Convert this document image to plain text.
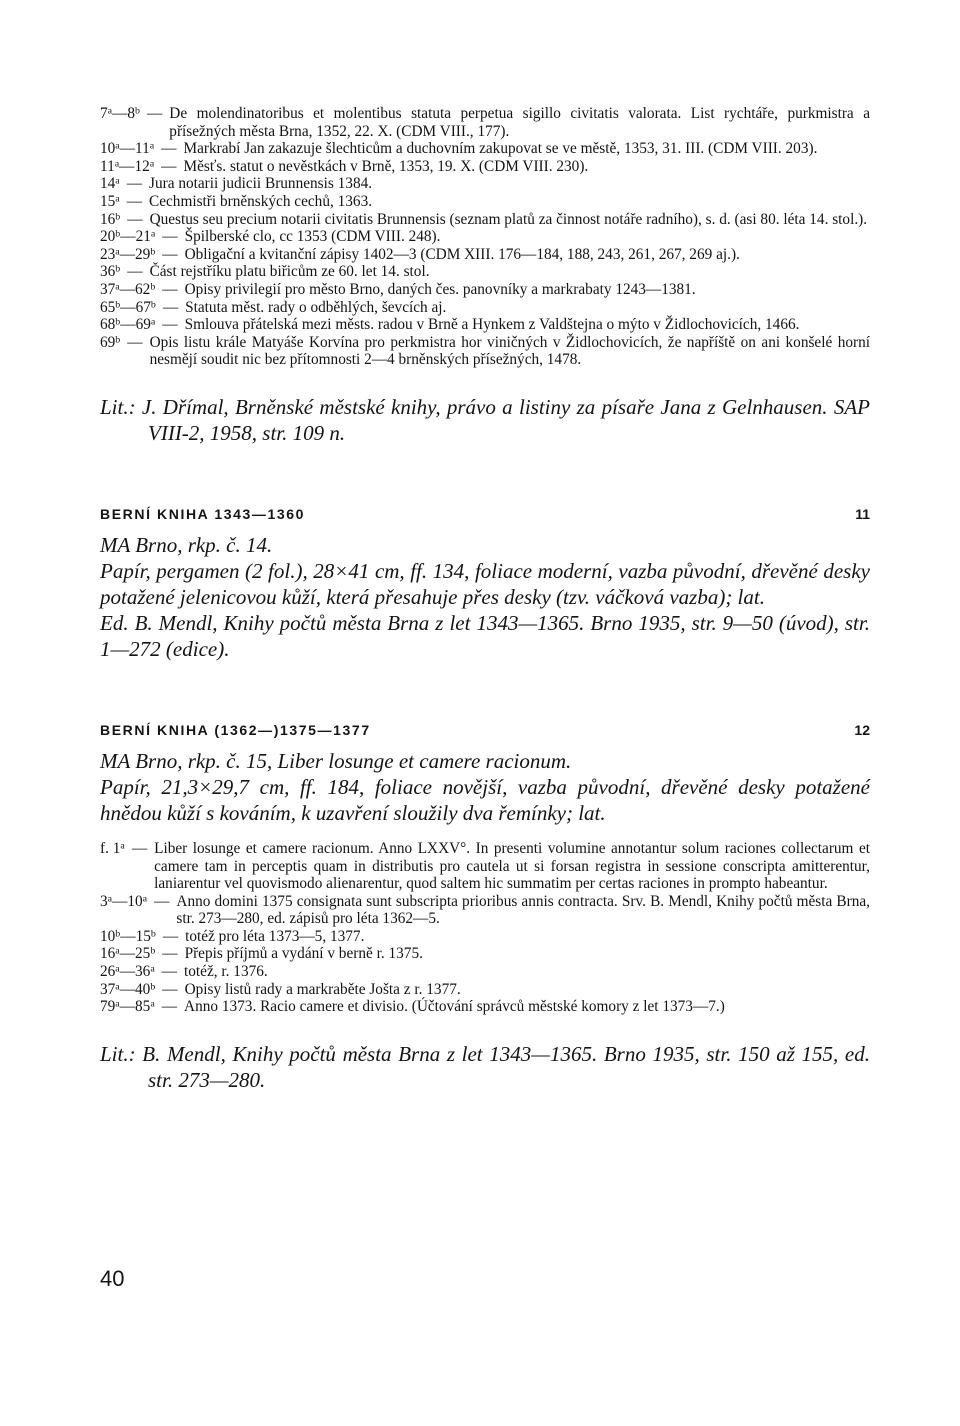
7$^a$—8$^b$ — De molendinatoribus et molentibus statuta perpetua sigillo civitatis valorata. List rychtáře, purkmistra a přísežných města Brna, 1352, 22. X. (CDM VIII., 177).
10$^a$—11$^a$ — Markrabí Jan zakazuje šlechticům a duchovním zakupovat se ve městě, 1353, 31. III. (CDM VIII. 203).
11$^a$—12$^a$ — Měsťs. statut o nevěstkách v Brně, 1353, 19. X. (CDM VIII. 230).
14$^a$ — Jura notarii judicii Brunnensis 1384.
15$^a$ — Cechmistři brněnských cechů, 1363.
16$^b$ — Questus seu precium notarii civitatis Brunnensis (seznam platů za činnost notáře radního), s. d. (asi 80. léta 14. stol.).
20$^b$—21$^a$ — Špilberské clo, cc 1353 (CDM VIII. 248).
23$^a$—29$^b$ — Obligační a kvitanční zápisy 1402—3 (CDM XIII. 176—184, 188, 243, 261, 267, 269 aj.).
36$^b$ — Část rejstříku platu biřicům ze 60. let 14. stol.
37$^a$—62$^b$ — Opisy privilegií pro město Brno, daných čes. panovníky a markrabaty 1243—1381.
65$^b$—67$^b$ — Statuta měst. rady o odběhlých, ševcích aj.
68$^b$—69$^a$ — Smlouva přátelská mezi městs. radou v Brně a Hynkem z Valdštejna o mýto v Židlochovicích, 1466.
69$^b$ — Opis listu krále Matyáše Korvína pro perkmistra hor viničných v Židlochovicích, že napříště on ani konšelé horní nesmějí soudit nic bez přítomnosti 2—4 brněnských přísežných, 1478.
Lit.: J. Dřímal, Brněnské městské knihy, právo a listiny za písaře Jana z Gelnhausen. SAP VIII-2, 1958, str. 109 n.
BERNÍ KNIHA 1343—1360	11

MA Brno, rkp. č. 14.

Papír, pergamen (2 fol.), 28×41 cm, ff. 134, foliace moderní, vazba původní, dřevěné desky potažené jelenicovou kůží, která přesahuje přes desky (tzv. váčková vazba); lat.

Ed. B. Mendl, Knihy počtů města Brna z let 1343—1365. Brno 1935, str. 9—50 (úvod), str. 1—272 (edice).

BERNÍ KNIHA (1362—)1375—1377	12

MA Brno, rkp. č. 15, Liber losunge et camere racionum.

Papír, 21,3×29,7 cm, ff. 184, foliace novější, vazba původní, dřevěné desky potažené hnědou kůží s kováním, k uzavření sloužily dva řemínky; lat.

f. 1$^a$ — Liber losunge et camere racionum. Anno LXXV°. In presenti volumine annotantur solum raciones collectarum et camere tam in perceptis quam in distributis pro cautela ut si forsan registra in sessione conscripta amitterentur, laniarentur vel quovismodo alienarentur, quod saltem hic summatim per certas raciones in prompto habeantur.
3$^a$—10$^a$ — Anno domini 1375 consignata sunt subscripta prioribus annis contracta. Srv. B. Mendl, Knihy počtů města Brna, str. 273—280, ed. zápisů pro léta 1362—5.
10$^b$—15$^b$ — totéž pro léta 1373—5, 1377.
16$^a$—25$^b$ — Přepis příjmů a vydání v berně r. 1375.
26$^a$—36$^a$ — totéž, r. 1376.
37$^a$—40$^b$ — Opisy listů rady a markraběte Jošta z r. 1377.
79$^a$—85$^a$ — Anno 1373. Racio camere et divisio. (Účtování správců městské komory z let 1373—7.)
Lit.: B. Mendl, Knihy počtů města Brna z let 1343—1365. Brno 1935, str. 150 až 155, ed. str. 273—280.
40
